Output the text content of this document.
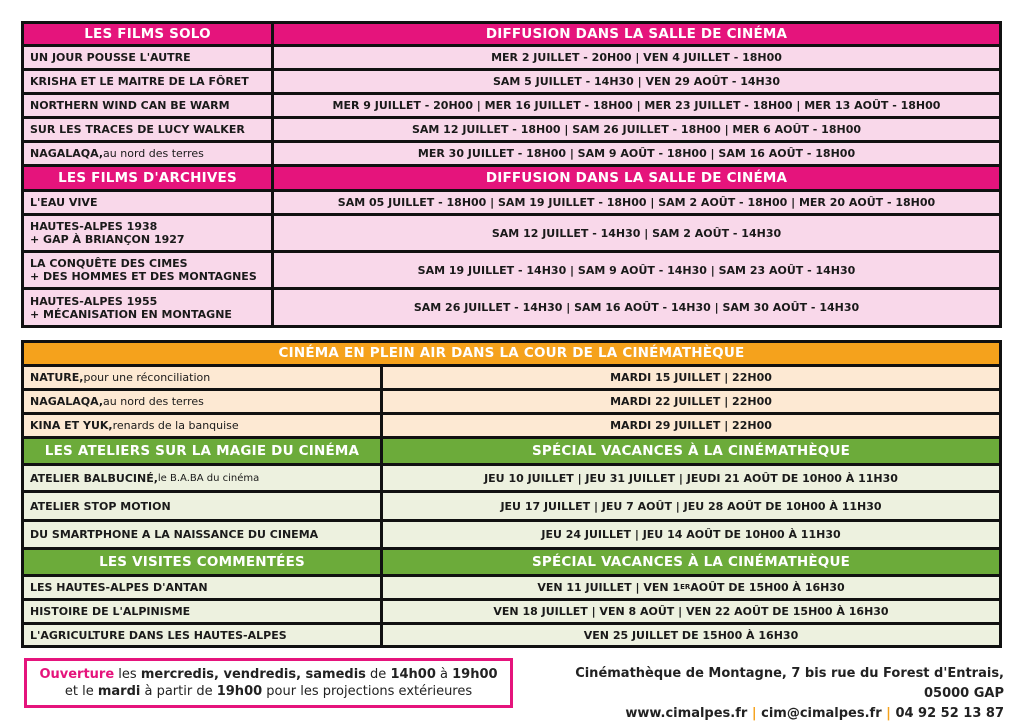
LES FILMS SOLO	DIFFUSION DANS LA SALLE DE CINÉMA
UN JOUR POUSSE L'AUTRE	MER 2 JUILLET - 20H00 | VEN 4 JUILLET - 18H00
KRISHA ET LE MAITRE DE LA FÔRET	SAM 5 JUILLET - 14H30 | VEN 29 AOÛT - 14H30
NORTHERN WIND CAN BE WARM	MER 9 JUILLET - 20H00 | MER 16 JUILLET - 18H00 | MER 23 JUILLET - 18H00 | MER 13 AOÛT - 18H00
SUR LES TRACES DE LUCY WALKER	SAM 12 JUILLET - 18H00 | SAM 26 JUILLET - 18H00 | MER 6 AOÛT - 18H00
NAGALAQA, au nord des terres	MER 30 JUILLET - 18H00 | SAM 9 AOÛT - 18H00 | SAM 16 AOÛT - 18H00
LES FILMS D'ARCHIVES	DIFFUSION DANS LA SALLE DE CINÉMA
L'EAU VIVE	SAM 05 JUILLET - 18H00 | SAM 19 JUILLET - 18H00 | SAM 2 AOÛT - 18H00 | MER 20 AOÛT - 18H00
HAUTES-ALPES 1938
+ GAP À BRIANÇON 1927	SAM 12 JUILLET - 14H30 | SAM 2 AOÛT - 14H30
LA CONQUÊTE DES CIMES
+ DES HOMMES ET DES MONTAGNES	SAM 19 JUILLET - 14H30 | SAM 9 AOÛT - 14H30 | SAM 23 AOÛT - 14H30
HAUTES-ALPES 1955
+ MÉCANISATION EN MONTAGNE	SAM 26 JUILLET - 14H30 | SAM 16 AOÛT - 14H30 | SAM 30 AOÛT - 14H30
CINÉMA EN PLEIN AIR DANS LA COUR DE LA CINÉMATHÈQUE
NATURE, pour une réconciliation	MARDI 15 JUILLET | 22H00
NAGALAQA, au nord des terres	MARDI 22 JUILLET | 22H00
KINA ET YUK, renards de la banquise	MARDI 29 JUILLET | 22H00
LES ATELIERS SUR LA MAGIE DU CINÉMA	SPÉCIAL VACANCES À LA CINÉMATHÈQUE
ATELIER BALBUCINÉ, le B.A.BA du cinéma	JEU 10 JUILLET | JEU 31 JUILLET | JEUDI 21 AOÛT DE 10H00 À 11H30
ATELIER STOP MOTION	JEU 17 JUILLET | JEU 7 AOÛT | JEU 28 AOÛT DE 10H00 À 11H30
DU SMARTPHONE A LA NAISSANCE DU CINEMA	JEU 24 JUILLET | JEU 14 AOÛT DE 10H00 À 11H30
LES VISITES COMMENTÉES	SPÉCIAL VACANCES À LA CINÉMATHÈQUE
LES HAUTES-ALPES D'ANTAN	VEN 11 JUILLET | VEN 1 ER AOÛT DE 15H00 À 16H30
HISTOIRE DE L'ALPINISME	VEN 18 JUILLET | VEN 8 AOÛT | VEN 22 AOÛT DE 15H00 À 16H30
L'AGRICULTURE DANS LES HAUTES-ALPES	VEN 25 JUILLET DE 15H00 À 16H30
Ouverture les mercredis, vendredis, samedis de 14h00 à 19h00
et le mardi à partir de 19h00 pour les projections extérieures
Cinémathèque de Montagne, 7 bis rue du Forest d'Entrais, 05000 GAP
www.cimalpes.fr | cim@cimalpes.fr | 04 92 52 13 87
